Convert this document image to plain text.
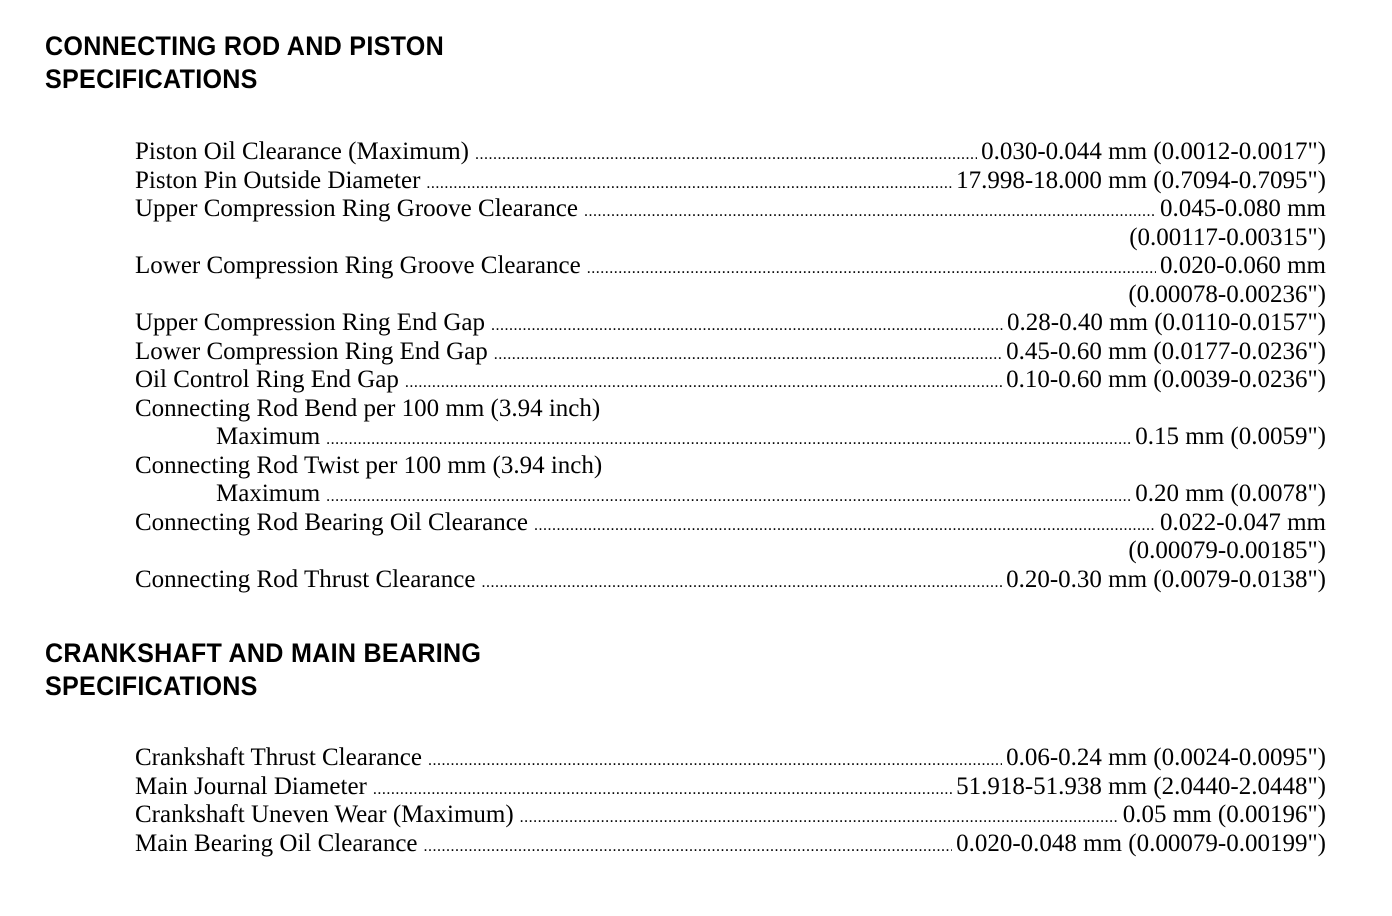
CONNECTING ROD AND PISTON
SPECIFICATIONS
Piston Oil Clearance (Maximum) .....	0.030-0.044 mm (0.0012-0.0017")
Piston Pin Outside Diameter .....	17.998-18.000 mm (0.7094-0.7095")
Upper Compression Ring Groove Clearance .....	0.045-0.080 mm
(0.00117-0.00315")
Lower Compression Ring Groove Clearance .....	0.020-0.060 mm
(0.00078-0.00236")
Upper Compression Ring End Gap .....	0.28-0.40 mm (0.0110-0.0157")
Lower Compression Ring End Gap .....	0.45-0.60 mm (0.0177-0.0236")
Oil Control Ring End Gap .....	0.10-0.60 mm (0.0039-0.0236")
Connecting Rod Bend per 100 mm (3.94 inch)
Maximum .....	0.15 mm (0.0059")
Connecting Rod Twist per 100 mm (3.94 inch)
Maximum .....	0.20 mm (0.0078")
Connecting Rod Bearing Oil Clearance .....	0.022-0.047 mm
(0.00079-0.00185")
Connecting Rod Thrust Clearance .....	0.20-0.30 mm (0.0079-0.0138")
CRANKSHAFT AND MAIN BEARING
SPECIFICATIONS
Crankshaft Thrust Clearance .....	0.06-0.24 mm (0.0024-0.0095")
Main Journal Diameter .....	51.918-51.938 mm (2.0440-2.0448")
Crankshaft Uneven Wear (Maximum) .....	0.05 mm (0.00196")
Main Bearing Oil Clearance .....	0.020-0.048 mm (0.00079-0.00199")
